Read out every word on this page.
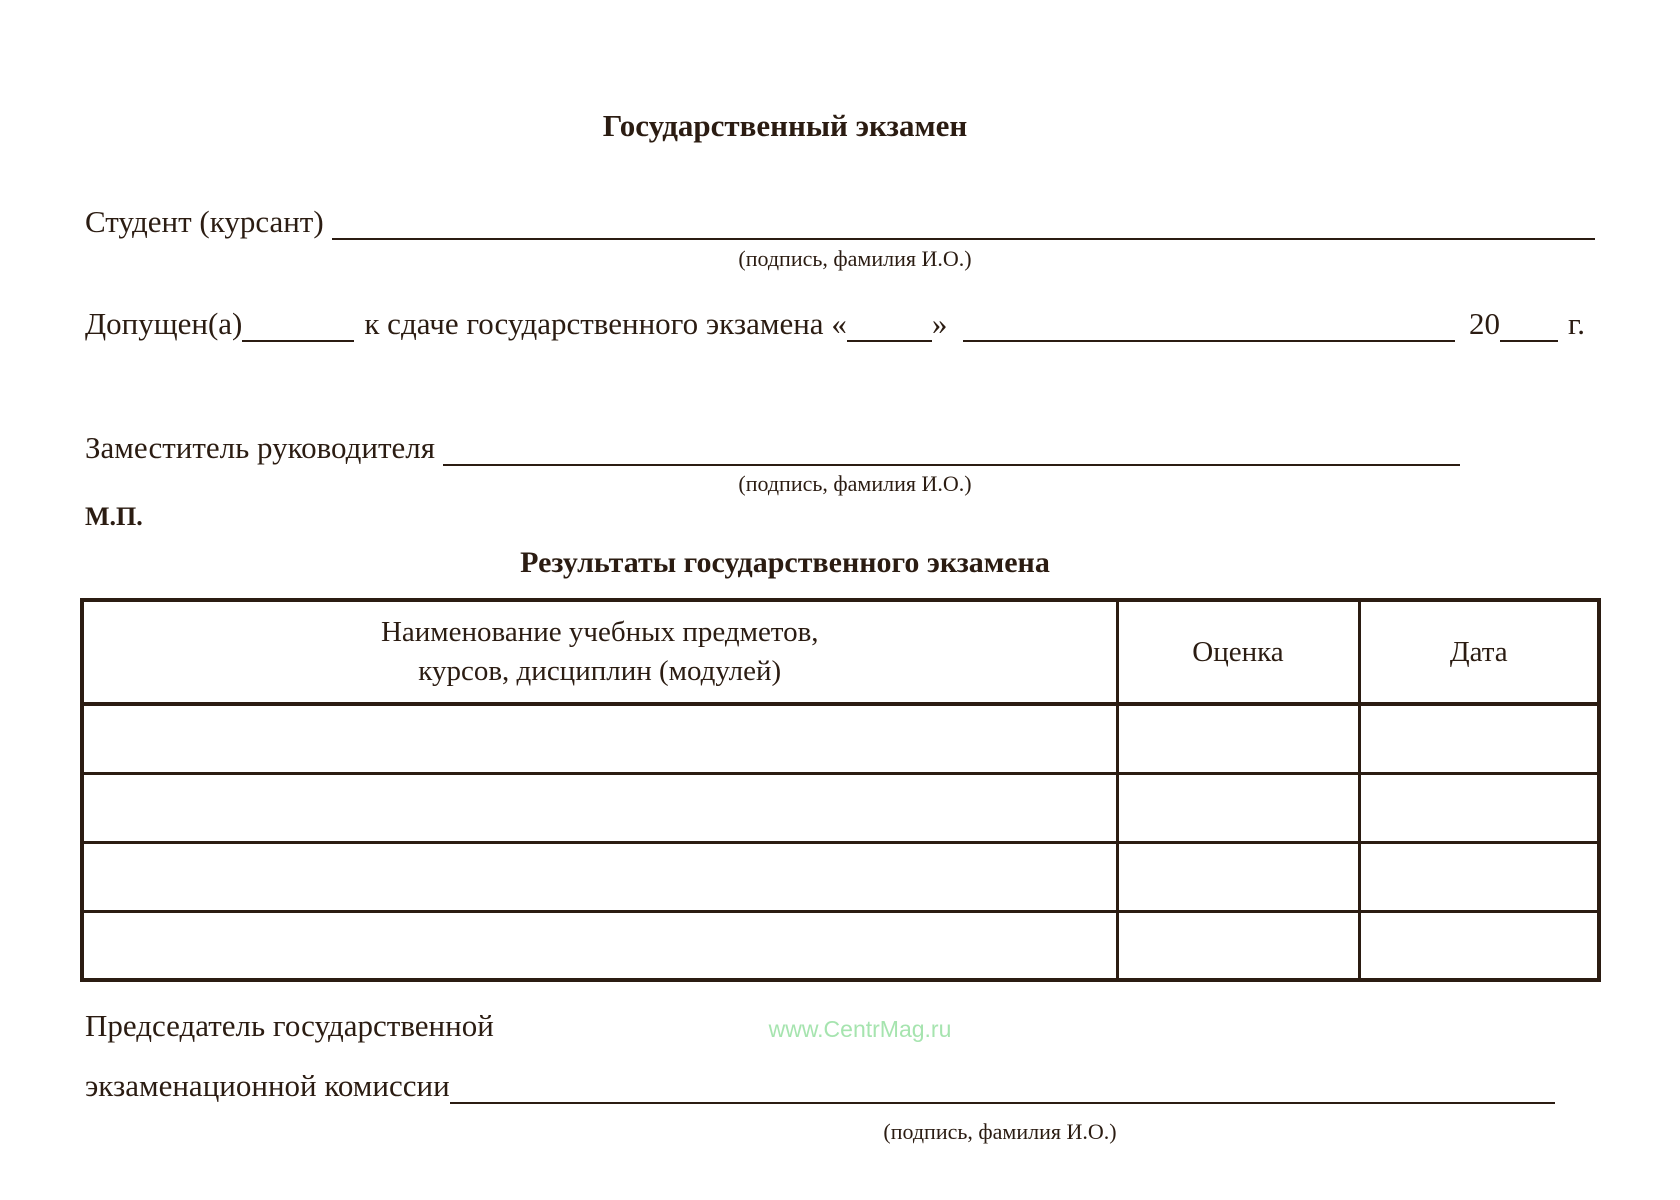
Государственный экзамен
Студент (курсант)
(подпись, фамилия И.О.)
Допущен(а)	к сдаче государственного экзамена «	»	20 г.
Заместитель руководителя
(подпись, фамилия И.О.)
М.П.
Результаты государственного экзамена
Наименование учебных предметов,
курсов, дисциплин (модулей)	Оценка	Дата

Председатель государственной	www.CentrMag.ru
экзаменационной комиссии
(подпись, фамилия И.О.)
